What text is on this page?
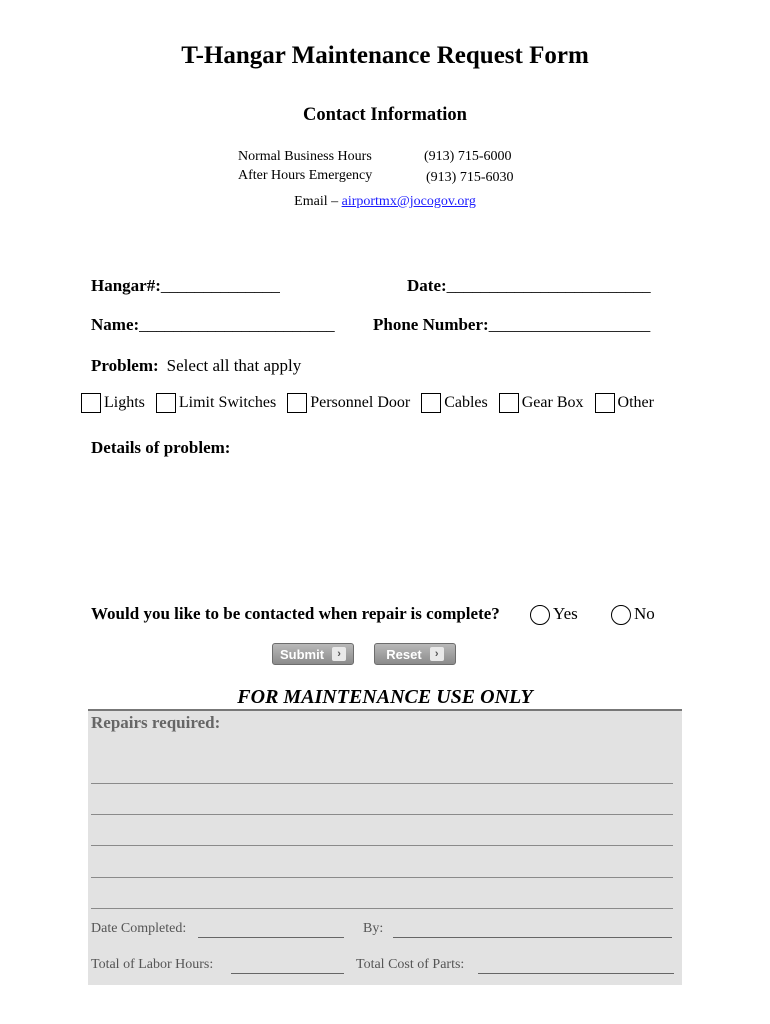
T-Hangar Maintenance Request Form
Contact Information
Normal Business Hours	(913) 715-6000
After Hours Emergency	(913) 715-6030
Email – airportmx@jocogov.org
Hangar#:______________	Date:________________________
Name:_______________________ Phone Number:___________________
Problem: Select all that apply
Lights Limit Switches Personnel Door Cables Gear Box Other
Details of problem:
Would you like to be contacted when repair is complete?	Yes	No
Submit	›	Reset	›
FOR MAINTENANCE USE ONLY
Repairs required:
Date Completed:	By:
Total of Labor Hours:	Total Cost of Parts:
